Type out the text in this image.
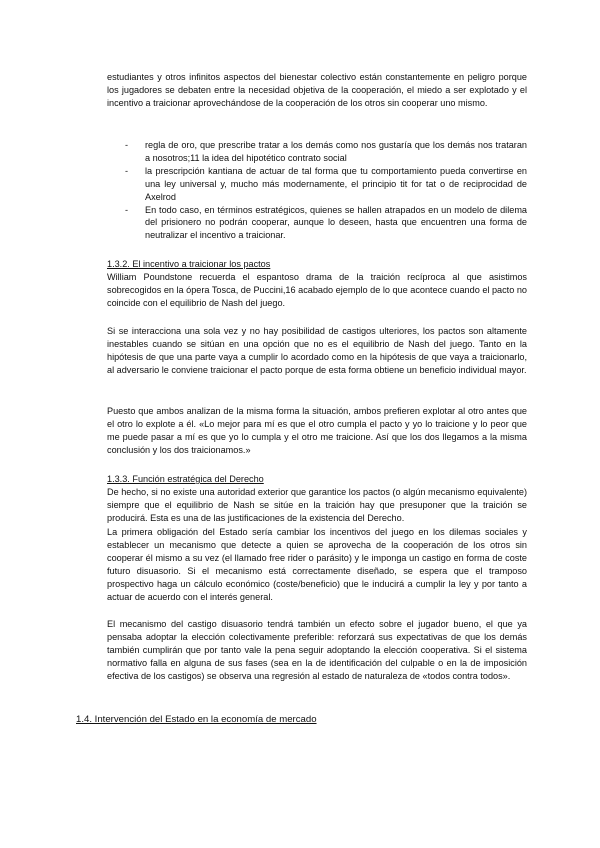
estudiantes y otros infinitos aspectos del bienestar colectivo están constantemente en peligro porque los jugadores se debaten entre la necesidad objetiva de la cooperación, el miedo a ser explotado y el incentivo a traicionar aprovechándose de la cooperación de los otros sin cooperar uno mismo.

- regla de oro, que prescribe tratar a los demás como nos gustaría que los demás nos trataran a nosotros;11 la idea del hipotético contrato social
- la prescripción kantiana de actuar de tal forma que tu comportamiento pueda convertirse en una ley universal y, mucho más modernamente, el principio tit for tat o de reciprocidad de Axelrod
- En todo caso, en términos estratégicos, quienes se hallen atrapados en un modelo de dilema del prisionero no podrán cooperar, aunque lo deseen, hasta que encuentren una forma de neutralizar el incentivo a traicionar.
1.3.2. El incentivo a traicionar los pactos

William Poundstone recuerda el espantoso drama de la traición recíproca al que asistimos sobrecogidos en la ópera Tosca, de Puccini,16 acabado ejemplo de lo que acontece cuando el pacto no coincide con el equilibrio de Nash del juego.

Si se interacciona una sola vez y no hay posibilidad de castigos ulteriores, los pactos son altamente inestables cuando se sitúan en una opción que no es el equilibrio de Nash del juego. Tanto en la hipótesis de que una parte vaya a cumplir lo acordado como en la hipótesis de que vaya a traicionarlo, al adversario le conviene traicionar el pacto porque de esta forma obtiene un beneficio individual mayor.

Puesto que ambos analizan de la misma forma la situación, ambos prefieren explotar al otro antes que el otro lo explote a él. «Lo mejor para mí es que el otro cumpla el pacto y yo lo traicione y lo peor que me puede pasar a mí es que yo lo cumpla y el otro me traicione. Así que los dos llegamos a la misma conclusión y los dos traicionamos.»

1.3.3. Función estratégica del Derecho

De hecho, si no existe una autoridad exterior que garantice los pactos (o algún mecanismo equivalente) siempre que el equilibrio de Nash se sitúe en la traición hay que presuponer que la traición se producirá. Esta es una de las justificaciones de la existencia del Derecho.

La primera obligación del Estado sería cambiar los incentivos del juego en los dilemas sociales y establecer un mecanismo que detecte a quien se aprovecha de la cooperación de los otros sin cooperar él mismo a su vez (el llamado free rider o parásito) y le imponga un castigo en forma de coste futuro disuasorio. Si el mecanismo está correctamente diseñado, se espera que el tramposo prospectivo haga un cálculo económico (coste/beneficio) que le inducirá a cumplir la ley y por tanto a actuar de acuerdo con el interés general.

El mecanismo del castigo disuasorio tendrá también un efecto sobre el jugador bueno, el que ya pensaba adoptar la elección colectivamente preferible: reforzará sus expectativas de que los demás también cumplirán que por tanto vale la pena seguir adoptando la elección cooperativa. Si el sistema normativo falla en alguna de sus fases (sea en la de identificación del culpable o en la de imposición efectiva de los castigos) se observa una regresión al estado de naturaleza de «todos contra todos».

1.4. Intervención del Estado en la economía de mercado
